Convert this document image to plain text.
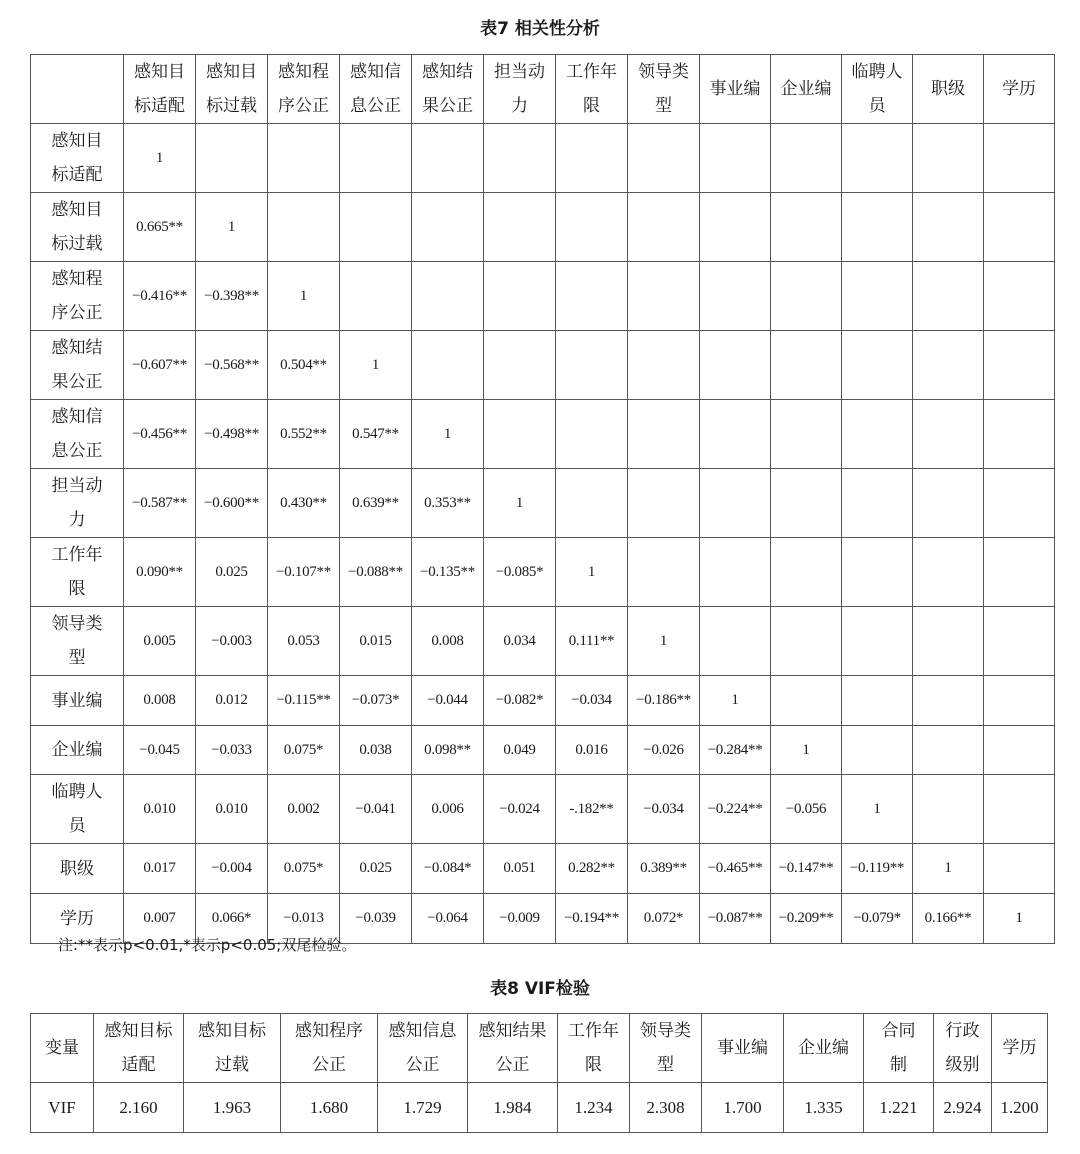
表7 相关性分析
	感知目标适配	感知目标过载	感知程序公正	感知信息公正	感知结果公正	担当动力	工作年限	领导类型	事业编	企业编	临聘人员	职级	学历
感知目标适配	1												
感知目标过载	0.665**	1											
感知程序公正	−0.416**	−0.398**	1										
感知结果公正	−0.607**	−0.568**	0.504**	1									
感知信息公正	−0.456**	−0.498**	0.552**	0.547**	1								
担当动力	−0.587**	−0.600**	0.430**	0.639**	0.353**	1							
工作年限	0.090**	0.025	−0.107**	−0.088**	−0.135**	−0.085*	1						
领导类型	0.005	−0.003	0.053	0.015	0.008	0.034	0.111**	1					
事业编	0.008	0.012	−0.115**	−0.073*	−0.044	−0.082*	−0.034	−0.186**	1				
企业编	−0.045	−0.033	0.075*	0.038	0.098**	0.049	0.016	−0.026	−0.284**	1			
临聘人员	0.010	0.010	0.002	−0.041	0.006	−0.024	-.182**	−0.034	−0.224**	−0.056	1		
职级	0.017	−0.004	0.075*	0.025	−0.084*	0.051	0.282**	0.389**	−0.465**	−0.147**	−0.119**	1	
学历	0.007	0.066*	−0.013	−0.039	−0.064	−0.009	−0.194**	0.072*	−0.087**	−0.209**	−0.079*	0.166**	1
注:**表示p<0.01,*表示p<0.05;双尾检验。
表8 VIF检验
变量	感知目标适配	感知目标过载	感知程序公正	感知信息公正	感知结果公正	工作年限	领导类型	事业编	企业编	合同制	行政级别	学历
VIF	2.160	1.963	1.680	1.729	1.984	1.234	2.308	1.700	1.335	1.221	2.924	1.200
